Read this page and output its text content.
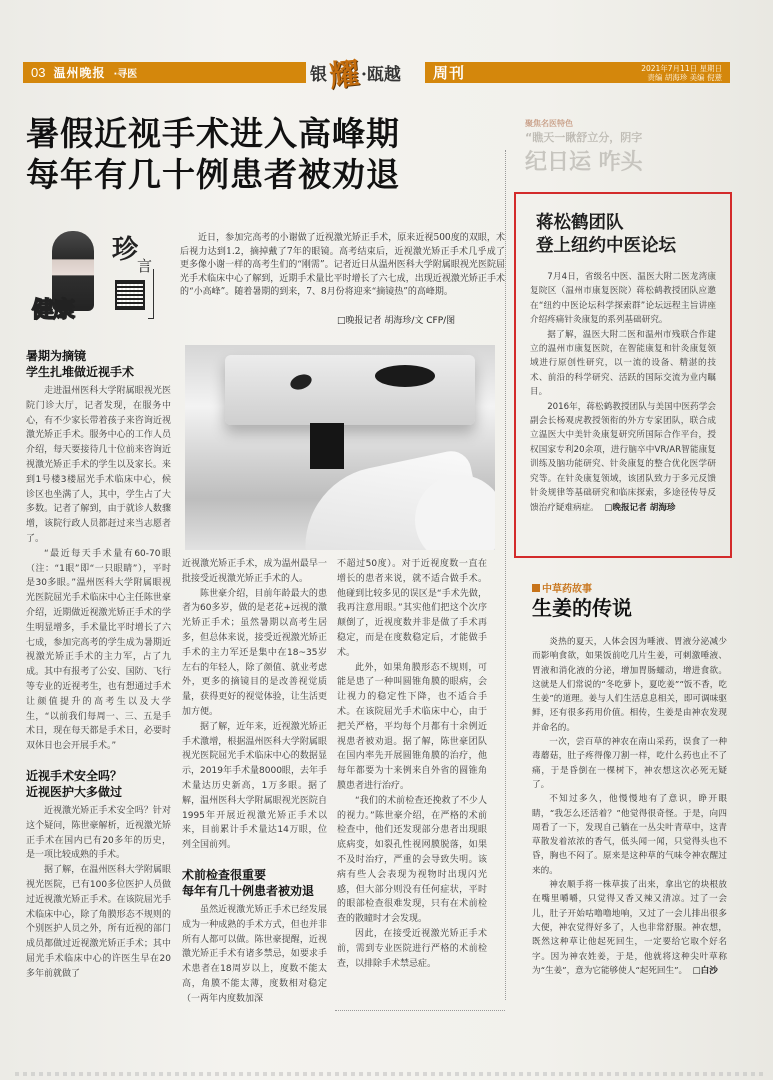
03 温州晚报 ·寻医	银 耀 ·瓯越 周刊	2021年7月11日 星期日
责编 胡海珍 美编 倪薏
暑假近视手术进入高峰期
每年有几十例患者被劝退
珍
言
健康
近日，参加完高考的小谢做了近视激光矫正手术，原来近视500度的双眼，术后视力达到1.2，摘掉戴了7年的眼镜。高考结束后，近视激光矫正手术几乎成了更多像小谢一样的高考生们的“刚需”。记者近日从温州医科大学附属眼视光医院屈光手术临床中心了解到，近期手术量比平时增长了六七成，出现近视激光矫正手术的“小高峰”。随着暑期的到来，7、8月份将迎来“摘镜热”的高峰期。
□晚报记者 胡海珍/文 CFP/图
暑期为摘镜
学生扎堆做近视手术

走进温州医科大学附属眼视光医院门诊大厅，记者发现，在服务中心，有不少家长带着孩子来咨询近视激光矫正手术。服务中心的工作人员介绍，每天要接待几十位前来咨询近视激光矫正手术的学生以及家长。来到1号楼3楼屈光手术临床中心，候诊区也坐满了人，其中，学生占了大多数。记者了解到，由于就诊人数骤增，该院行政人员都赶过来当志愿者了。

“最近每天手术量有60-70眼（注：“1眼”即“一只眼睛”），平时是30多眼。”温州医科大学附属眼视光医院屈光手术临床中心主任陈世豪介绍，近期做近视激光矫正手术的学生明显增多，手术量比平时增长了六七成，参加完高考的学生成为暑期近视激光矫正手术的主力军，占了九成。其中有报考了公安、国防、飞行等专业的近视考生，也有想通过手术让颜值提升的高考生以及大学生，“以前我们每周一、三、五是手术日，现在每天都是手术日，必要时双休日也会开展手术。”

近视手术安全吗？
近视医护大多做过

近视激光矫正手术安全吗？针对这个疑问，陈世豪解析，近视激光矫正手术在国内已有20多年的历史，是一项比较成熟的手术。

据了解，在温州医科大学附属眼视光医院，已有100多位医护人员做过近视激光矫正手术。在该院屈光手术临床中心，除了角膜形态不规则的个别医护人员之外，所有近视的部门成员都做过近视激光矫正手术；其中屈光手术临床中心的许医生早在20多年前就做了

近视激光矫正手术，成为温州最早一批接受近视激光矫正手术的人。

陈世豪介绍，目前年龄最大的患者为60多岁，做的是老花+远视的激光矫正手术；虽然暑期以高考生居多，但总体来说，接受近视激光矫正手术的主力军还是集中在18~35岁左右的年轻人，除了颜值、就业考虑外，更多的摘镜目的是改善视觉质量，获得更好的视觉体验，让生活更加方便。

据了解，近年来，近视激光矫正手术激增，根据温州医科大学附属眼视光医院屈光手术临床中心的数据显示，2019年手术量8000眼，去年手术量达历史新高，1万多眼。据了解，温州医科大学附属眼视光医院自1995年开展近视激光矫正手术以来，目前累计手术量达14万眼，位列全国前列。

术前检查很重要
每年有几十例患者被劝退

虽然近视激光矫正手术已经发展成为一种成熟的手术方式，但也并非所有人都可以做。陈世豪提醒，近视激光矫正手术有诸多禁忌，如要求手术患者在18周岁以上，度数不能太高，角膜不能太薄，度数相对稳定（一两年内度数加深

不超过50度）。对于近视度数一直在增长的患者来说，就不适合做手术。他碰到比较多见的误区是“手术先做，我再注意用眼。”其实他们把这个次序颠倒了，近视度数并非是做了手术再稳定，而是在度数稳定后，才能做手术。

此外，如果角膜形态不规则，可能是患了一种叫圆锥角膜的眼病，会让视力的稳定性下降，也不适合手术。在该院屈光手术临床中心，由于把关严格，平均每个月都有十余例近视患者被劝退。据了解，陈世豪团队在国内率先开展圆锥角膜的治疗，他每年都要为十来例来自外省的圆锥角膜患者进行治疗。

“我们的术前检查还挽救了不少人的视力。”陈世豪介绍，在严格的术前检查中，他们还发现部分患者出现眼底病变，如裂孔性视网膜脱落，如果不及时治疗，严重的会导致失明。该病有些人会表现为视物时出现闪光感，但大部分则没有任何症状，平时的眼部检查很难发现，只有在术前检查的散瞳时才会发现。

因此，在接受近视激光矫正手术前，需到专业医院进行严格的术前检查，以排除手术禁忌症。

聚焦名医特色
“瞧天一瞅舒立分，阴字
纪日运 咋头
蒋松鹤团队
登上纽约中医论坛

7月4日，省级名中医、温医大附二医龙湾康复院区（温州市康复医院）蒋松鹤教授团队应邀在“纽约中医论坛科学探索群”论坛远程主旨讲座介绍疼痛针灸康复的系列基础研究。

据了解，温医大附二医和温州市残联合作建立的温州市康复医院，在智能康复和针灸康复领域进行原创性研究，以一流的设备、精湛的技术、前沿的科学研究、活跃的国际交流为业内瞩目。

2016年，蒋松鹤教授团队与美国中医药学会副会长杨观虎教授领衔的外方专家团队，联合成立温医大中美针灸康复研究所国际合作平台，授权国家专利20余项，进行脑卒中VR/AR智能康复训练及脑功能研究、针灸康复的整合优化医学研究等。在针灸康复领域，该团队致力于多元反馈针灸规律等基础研究和临床探索，多途径传导反馈治疗疑难病症。 □晚报记者 胡海珍

中草药故事
生姜的传说

炎热的夏天，人体会因为唾液、胃液分泌减少而影响食欲，如果饭前吃几片生姜，可刺激唾液、胃液和消化液的分泌，增加胃肠蠕动，增进食欲。这就是人们常说的“冬吃萝卜，夏吃姜”“饭不香，吃生姜”的道理。姜与人们生活息息相关，即可调味驱鲜，还有很多药用价值。相传，生姜是由神农发现并命名的。

一次，尝百草的神农在南山采药，误食了一种毒蘑菇，肚子疼得像刀割一样，吃什么药也止不了痛，于是昏倒在一棵树下，神农想这次必死无疑了。

不知过多久，他慢慢地有了意识，睁开眼睛，“我怎么还活着？”他觉得很奇怪。于是，向四周看了一下，发现自己躺在一丛尖叶青草中，这青草散发着浓浓的香气，低头闻一闻，只觉得头也不昏，胸也不闷了。原来是这种草的气味令神农醒过来的。

神农顺手将一株草拔了出来，拿出它的块根放在嘴里嚼嚼，只觉得又香又辣又清凉。过了一会儿，肚子开始咕噜噜地响，又过了一会儿排出很多大便，神农觉得好多了，人也非常舒服。神农想，既然这种草让他起死回生，一定要给它取个好名字。因为神农姓姜，于是，他就将这种尖叶草称为“生姜”，意为它能够使人“起死回生”。 □白沙
